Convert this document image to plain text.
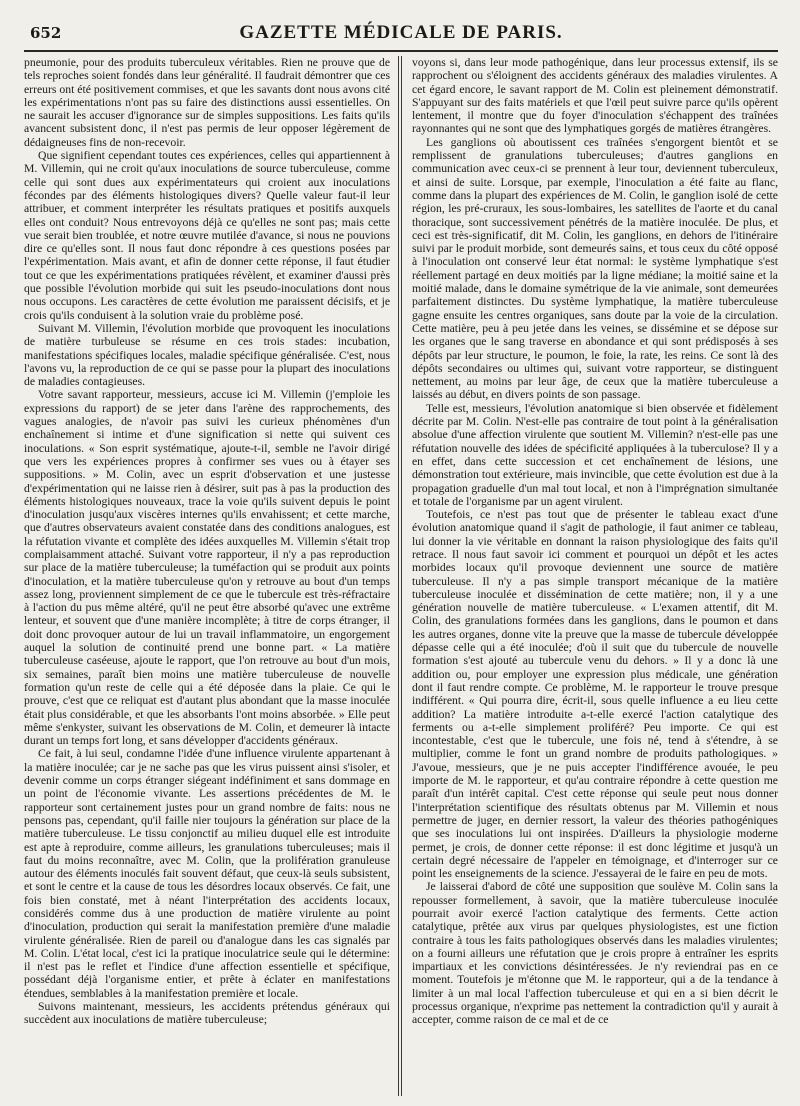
652	GAZETTE MÉDICALE DE PARIS.

pneumonie, pour des produits tuberculeux véritables. Rien ne prouve que de tels reproches soient fondés dans leur généralité. Il faudrait démontrer que ces erreurs ont été positivement commises, et que les savants dont nous avons cité les expérimentations n'ont pas su faire des distinctions aussi essentielles. On ne saurait les accuser d'ignorance sur de simples suppositions. Les faits qu'ils avancent subsistent donc, il n'est pas permis de leur opposer légèrement de dédaigneuses fins de non-recevoir.

Que signifient cependant toutes ces expériences, celles qui appartiennent à M. Villemin, qui ne croit qu'aux inoculations de source tuberculeuse, comme celle qui sont dues aux expérimentateurs qui croient aux inoculations fécondes par des éléments histologiques divers? Quelle valeur faut-il leur attribuer, et comment interpréter les résultats pratiques et positifs auxquels elles ont conduit? Nous entrevoyons déjà ce qu'elles ne sont pas; mais cette vue serait bien troublée, et notre œuvre mutilée d'avance, si nous ne pouvions dire ce qu'elles sont. Il nous faut donc répondre à ces questions posées par l'expérimentation. Mais avant, et afin de donner cette réponse, il faut étudier tout ce que les expérimentations pratiquées révèlent, et examiner d'aussi près que possible l'évolution morbide qui suit les pseudo-inoculations dont nous nous occupons. Les caractères de cette évolution me paraissent décisifs, et je crois qu'ils conduisent à la solution vraie du problème posé.

Suivant M. Villemin, l'évolution morbide que provoquent les inoculations de matière turbuleuse se résume en ces trois stades: incubation, manifestations spécifiques locales, maladie spécifique généralisée. C'est, nous l'avons vu, la reproduction de ce qui se passe pour la plupart des inoculations de maladies contagieuses.

Votre savant rapporteur, messieurs, accuse ici M. Villemin (j'emploie les expressions du rapport) de se jeter dans l'arène des rapprochements, des vagues analogies, de n'avoir pas suivi les curieux phénomènes d'un enchaînement si intime et d'une signification si nette qui suivent ces inoculations. « Son esprit systématique, ajoute-t-il, semble ne l'avoir dirigé que vers les expériences propres à confirmer ses vues ou à étayer ses suppositions. » M. Colin, avec un esprit d'observation et une justesse d'expérimentation qui ne laisse rien à désirer, suit pas à pas la production des éléments histologiques nouveaux, trace la voie qu'ils suivent depuis le point d'inoculation jusqu'aux viscères internes qu'ils envahissent; et cette marche, que d'autres observateurs avaient constatée dans des conditions analogues, est la réfutation vivante et complète des idées auxquelles M. Villemin s'était trop complaisamment attaché. Suivant votre rapporteur, il n'y a pas reproduction sur place de la matière tuberculeuse; la tuméfaction qui se produit aux points d'inoculation, et la matière tuberculeuse qu'on y retrouve au bout d'un temps assez long, proviennent simplement de ce que le tubercule est très-réfractaire à l'action du pus même altéré, qu'il ne peut être absorbé qu'avec une extrême lenteur, et souvent que d'une manière incomplète; à titre de corps étranger, il doit donc provoquer autour de lui un travail inflammatoire, un engorgement auquel la solution de continuité prend une bonne part. « La matière tuberculeuse caséeuse, ajoute le rapport, que l'on retrouve au bout d'un mois, six semaines, paraît bien moins une matière tuberculeuse de nouvelle formation qu'un reste de celle qui a été déposée dans la plaie. Ce qui le prouve, c'est que ce reliquat est d'autant plus abondant que la masse inoculée était plus considérable, et que les absorbants l'ont moins absorbée. » Elle peut même s'enkyster, suivant les observations de M. Colin, et demeurer là intacte durant un temps fort long, et sans développer d'accidents généraux.

Ce fait, à lui seul, condamne l'idée d'une influence virulente appartenant à la matière inoculée; car je ne sache pas que les virus puissent ainsi s'isoler, et devenir comme un corps étranger siégeant indéfiniment et sans dommage en un point de l'économie vivante. Les assertions précédentes de M. le rapporteur sont certainement justes pour un grand nombre de faits: nous ne pensons pas, cependant, qu'il faille nier toujours la génération sur place de la matière tuberculeuse. Le tissu conjonctif au milieu duquel elle est introduite est apte à reproduire, comme ailleurs, les granulations tuberculeuses; mais il faut du moins reconnaître, avec M. Colin, que la prolifération granuleuse autour des éléments inoculés fait souvent défaut, que ceux-là seuls subsistent, et sont le centre et la cause de tous les désordres locaux observés. Ce fait, une fois bien constaté, met à néant l'interprétation des accidents locaux, considérés comme dus à une production de matière virulente au point d'inoculation, production qui serait la manifestation première d'une maladie virulente généralisée. Rien de pareil ou d'analogue dans les cas signalés par M. Colin. L'état local, c'est ici la pratique inoculatrice seule qui le détermine: il n'est pas le reflet et l'indice d'une affection essentielle et spécifique, possédant déjà l'organisme entier, et prête à éclater en manifestations étendues, semblables à la manifestation première et locale.

Suivons maintenant, messieurs, les accidents prétendus généraux qui succèdent aux inoculations de matière tuberculeuse;

voyons si, dans leur mode pathogénique, dans leur processus extensif, ils se rapprochent ou s'éloignent des accidents généraux des maladies virulentes. A cet égard encore, le savant rapport de M. Colin est pleinement démonstratif. S'appuyant sur des faits matériels et que l'œil peut suivre parce qu'ils opèrent lentement, il montre que du foyer d'inoculation s'échappent des traînées rayonnantes qui ne sont que des lymphatiques gorgés de matières étrangères.

Les ganglions où aboutissent ces traînées s'engorgent bientôt et se remplissent de granulations tuberculeuses; d'autres ganglions en communication avec ceux-ci se prennent à leur tour, deviennent tuberculeux, et ainsi de suite. Lorsque, par exemple, l'inoculation a été faite au flanc, comme dans la plupart des expériences de M. Colin, le ganglion isolé de cette région, les pré-cruraux, les sous-lombaires, les satellites de l'aorte et du canal thoracique, sont successivement pénétrés de la matière inoculée. De plus, et ceci est très-significatif, dit M. Colin, les ganglions, en dehors de l'itinéraire suivi par le produit morbide, sont demeurés sains, et tous ceux du côté opposé à l'inoculation ont conservé leur état normal: le système lymphatique s'est réellement partagé en deux moitiés par la ligne médiane; la moitié saine et la moitié malade, dans le domaine symétrique de la vie animale, sont demeurées parfaitement distinctes. Du système lymphatique, la matière tuberculeuse gagne ensuite les centres organiques, sans doute par la voie de la circulation. Cette matière, peu à peu jetée dans les veines, se dissémine et se dépose sur les organes que le sang traverse en abondance et qui sont prédisposés à ses dépôts par leur structure, le poumon, le foie, la rate, les reins. Ce sont là des dépôts secondaires ou ultimes qui, suivant votre rapporteur, se distinguent nettement, au moins par leur âge, de ceux que la matière tuberculeuse a laissés au début, en divers points de son passage.

Telle est, messieurs, l'évolution anatomique si bien observée et fidèlement décrite par M. Colin. N'est-elle pas contraire de tout point à la généralisation absolue d'une affection virulente que soutient M. Villemin? n'est-elle pas une réfutation nouvelle des idées de spécificité appliquées à la tuberculose? Il y a en effet, dans cette succession et cet enchaînement de lésions, une démonstration tout extérieure, mais invincible, que cette évolution est due à la propagation graduelle d'un mal tout local, et non à l'imprégnation simultanée et totale de l'organisme par un agent virulent.

Toutefois, ce n'est pas tout que de présenter le tableau exact d'une évolution anatomique quand il s'agit de pathologie, il faut animer ce tableau, lui donner la vie véritable en donnant la raison physiologique des faits qu'il retrace. Il nous faut savoir ici comment et pourquoi un dépôt et les actes morbides locaux qu'il provoque deviennent une source de matière tuberculeuse. Il n'y a pas simple transport mécanique de la matière tuberculeuse inoculée et dissémination de cette matière; non, il y a une génération nouvelle de matière tuberculeuse. « L'examen attentif, dit M. Colin, des granulations formées dans les ganglions, dans le poumon et dans les autres organes, donne vite la preuve que la masse de tubercule développée dépasse celle qui a été inoculée; d'où il suit que du tubercule de nouvelle formation s'est ajouté au tubercule venu du dehors. » Il y a donc là une addition ou, pour employer une expression plus médicale, une génération dont il faut rendre compte. Ce problème, M. le rapporteur le trouve presque indifférent. « Qui pourra dire, écrit-il, sous quelle influence a eu lieu cette addition? La matière introduite a-t-elle exercé l'action catalytique des ferments ou a-t-elle simplement proliféré? Peu importe. Ce qui est incontestable, c'est que le tubercule, une fois né, tend à s'étendre, à se multiplier, comme le font un grand nombre de produits pathologiques. » J'avoue, messieurs, que je ne puis accepter l'indifférence avouée, le peu importe de M. le rapporteur, et qu'au contraire répondre à cette question me paraît d'un intérêt capital. C'est cette réponse qui seule peut nous donner l'interprétation scientifique des résultats obtenus par M. Villemin et nous permettre de juger, en dernier ressort, la valeur des théories pathogéniques que ses inoculations lui ont inspirées. D'ailleurs la physiologie moderne permet, je crois, de donner cette réponse: il est donc légitime et jusqu'à un certain degré nécessaire de l'appeler en témoignage, et d'interroger sur ce point les enseignements de la science. J'essayerai de le faire en peu de mots.

Je laisserai d'abord de côté une supposition que soulève M. Colin sans la repousser formellement, à savoir, que la matière tuberculeuse inoculée pourrait avoir exercé l'action catalytique des ferments. Cette action catalytique, prêtée aux virus par quelques physiologistes, est une fiction contraire à tous les faits pathologiques observés dans les maladies virulentes; on a fourni ailleurs une réfutation que je crois propre à entraîner les esprits impartiaux et les convictions désintéressées. Je n'y reviendrai pas en ce moment. Toutefois je m'étonne que M. le rapporteur, qui a de la tendance à limiter à un mal local l'affection tuberculeuse et qui en a si bien décrit le processus organique, n'exprime pas nettement la contradiction qu'il y aurait à accepter, comme raison de ce mal et de ce
